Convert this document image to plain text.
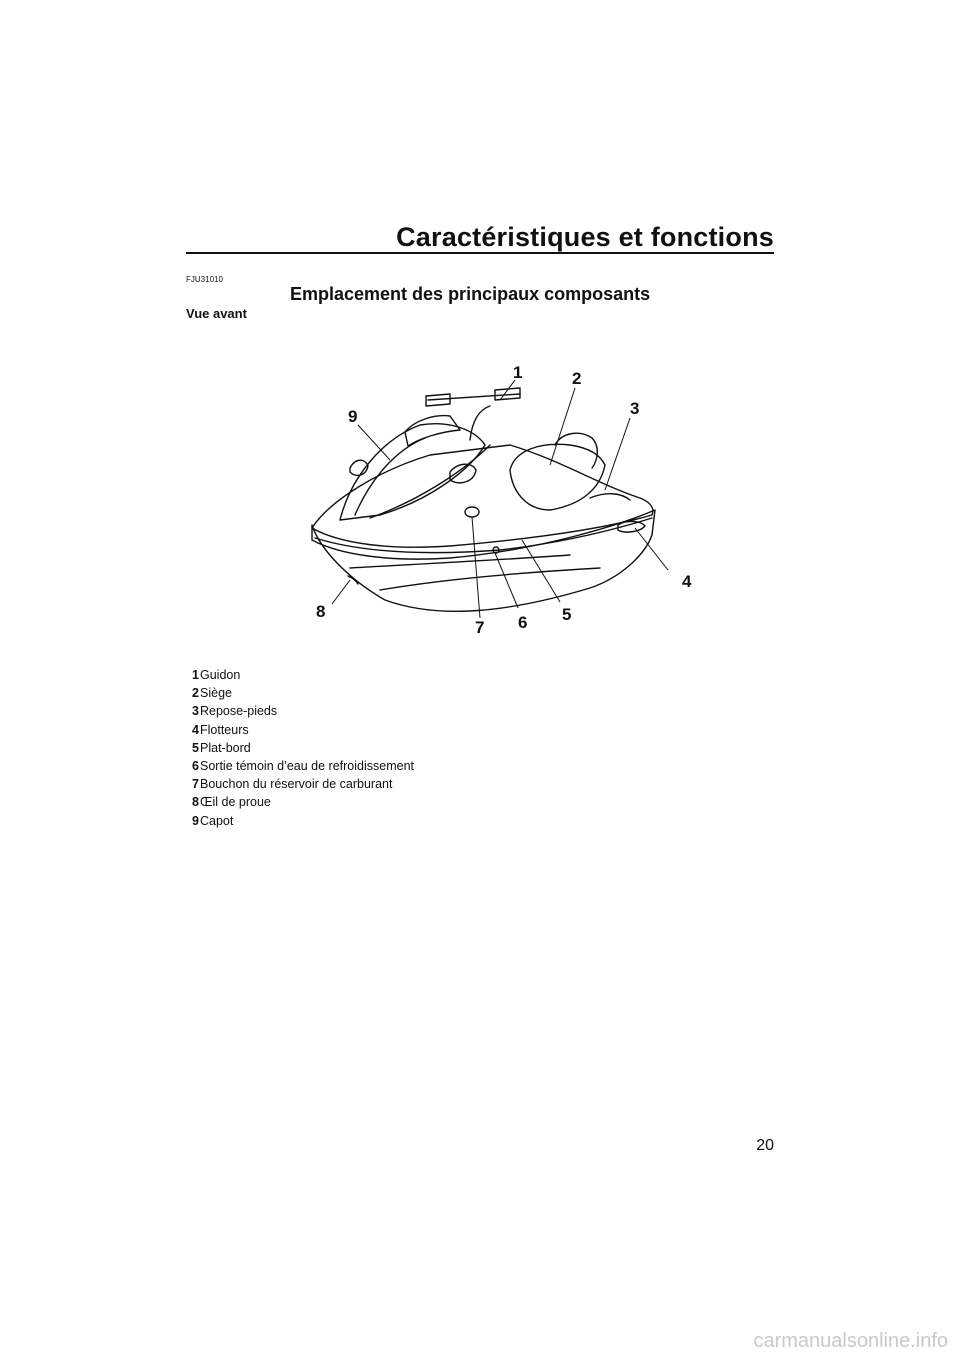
Caractéristiques et fonctions
FJU31010
Emplacement des principaux composants
Vue avant
1	2
3
4
5
6
7
8
9
1Guidon
2Siège
3Repose-pieds
4Flotteurs
5Plat-bord
6Sortie témoin d’eau de refroidissement
7Bouchon du réservoir de carburant
8Œil de proue
9Capot
20
carmanualsonline.info
